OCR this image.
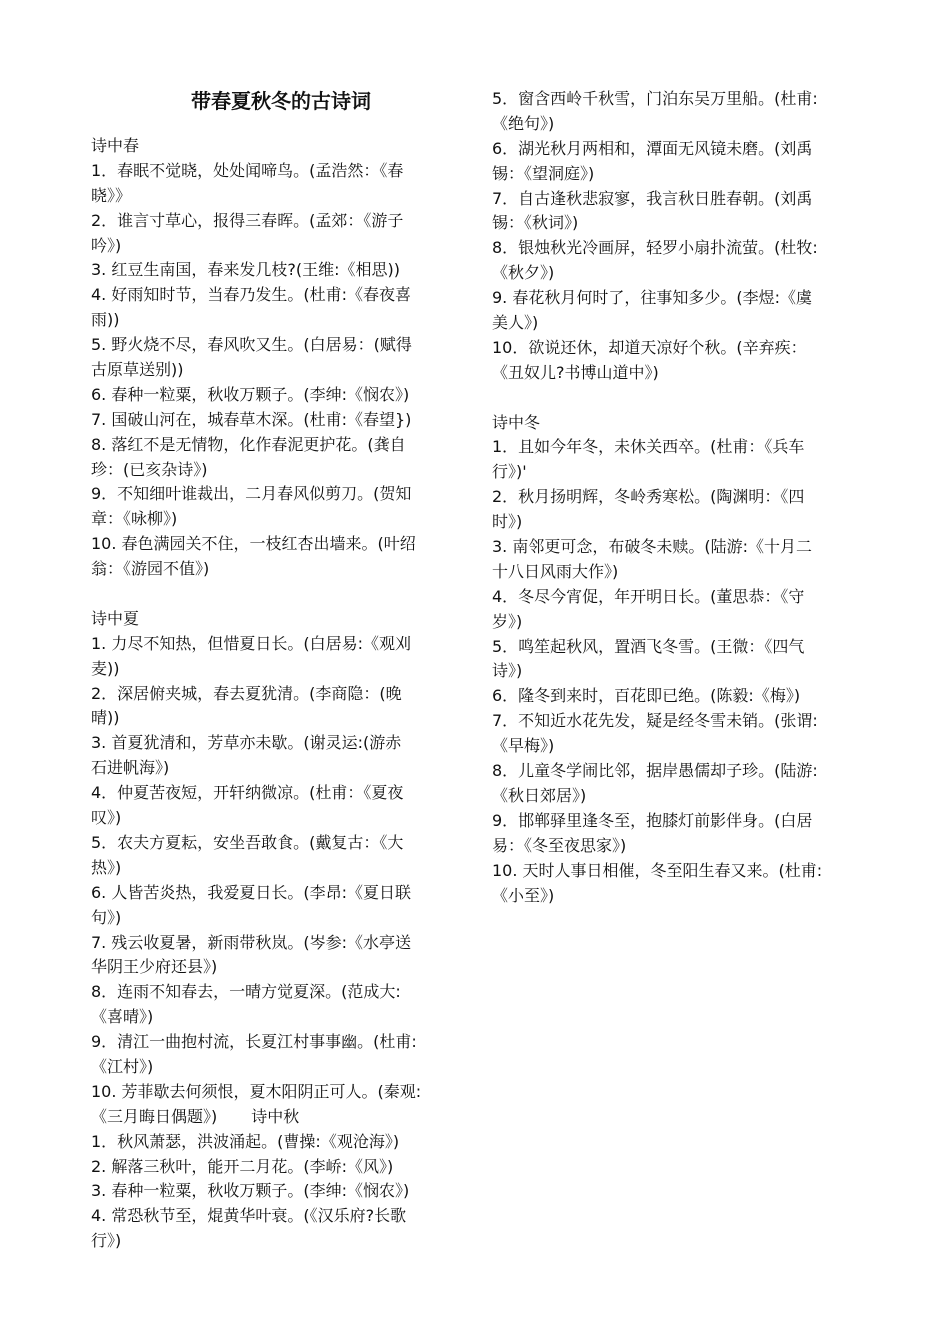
带春夏秋冬的古诗词
诗中春
1．春眠不觉晓，处处闻啼鸟。(孟浩然：《春
晓》》
2．谁言寸草心，报得三春晖。(孟郊：《游子
吟》)
3. 红豆生南国，春来发几枝?(王维:《相思))
4. 好雨知时节，当春乃发生。(杜甫:《春夜喜
雨))
5. 野火烧不尽，春风吹又生。(白居易：(赋得
古原草送别))
6. 春种一粒粟，秋收万颗子。(李绅:《悯农》)
7. 国破山河在，城春草木深。(杜甫:《春望})
8. 落红不是无情物，化作春泥更护花。(龚自
珍：(已亥杂诗》)
9．不知细叶谁裁出，二月春风似剪刀。(贺知
章：《咏柳》)
10. 春色满园关不住，一枝红杏出墙来。(叶绍
翁：《游园不值》)
诗中夏
1. 力尽不知热，但惜夏日长。(白居易:《观刈
麦))
2．深居俯夹城，春去夏犹清。(李商隐：(晚
晴))
3. 首夏犹清和，芳草亦未歇。(谢灵运:(游赤
石进帆海》)
4．仲夏苦夜短，开轩纳微凉。(杜甫：《夏夜
叹》)
5．农夫方夏耘，安坐吾敢食。(戴复古：《大
热》)
6. 人皆苦炎热，我爱夏日长。(李昂:《夏日联
句》)
7. 残云收夏暑，新雨带秋岚。(岑参:《水亭送
华阴王少府还县》)
8．连雨不知春去，一晴方觉夏深。(范成大:
《喜晴》)
9．清江一曲抱村流，长夏江村事事幽。(杜甫:
《江村》)
10. 芳菲歇去何须恨，夏木阳阴正可人。(秦观:
《三月晦日偶题》) 诗中秋
1．秋风萧瑟，洪波涌起。(曹操:《观沧海》)
2. 解落三秋叶，能开二月花。(李峤:《风》)
3. 春种一粒粟，秋收万颗子。(李绅:《悯农》)
4. 常恐秋节至，焜黄华叶衰。(《汉乐府?长歌
行》)
5．窗含西岭千秋雪，门泊东吴万里船。(杜甫:
《绝句》)
6．湖光秋月两相和，潭面无风镜未磨。(刘禹
锡：《望洞庭》)
7．自古逢秋悲寂寥，我言秋日胜春朝。(刘禹
锡：《秋词》)
8．银烛秋光冷画屏，轻罗小扇扑流萤。(杜牧:
《秋夕》)
9. 春花秋月何时了，往事知多少。(李煜:《虞
美人》)
10．欲说还休，却道天凉好个秋。(辛弃疾：
《丑奴儿?书博山道中》)
诗中冬
1．且如今年冬，未休关西卒。(杜甫：《兵车
行》)'
2．秋月扬明辉，冬岭秀寒松。(陶渊明：《四
时》)
3. 南邻更可念，布破冬未赎。(陆游:《十月二
十八日风雨大作》)
4．冬尽今宵促，年开明日长。(董思恭：《守
岁》)
5．鸣笙起秋风，置酒飞冬雪。(王微：《四气
诗》)
6．隆冬到来时，百花即已绝。(陈毅:《梅》)
7．不知近水花先发，疑是经冬雪未销。(张谓:
《早梅》)
8．儿童冬学闹比邻，据岸愚儒却子珍。(陆游:
《秋日郊居》)
9．邯郸驿里逢冬至，抱膝灯前影伴身。(白居
易：《冬至夜思家》)
10. 天时人事日相催，冬至阳生春又来。(杜甫:
《小至》)
